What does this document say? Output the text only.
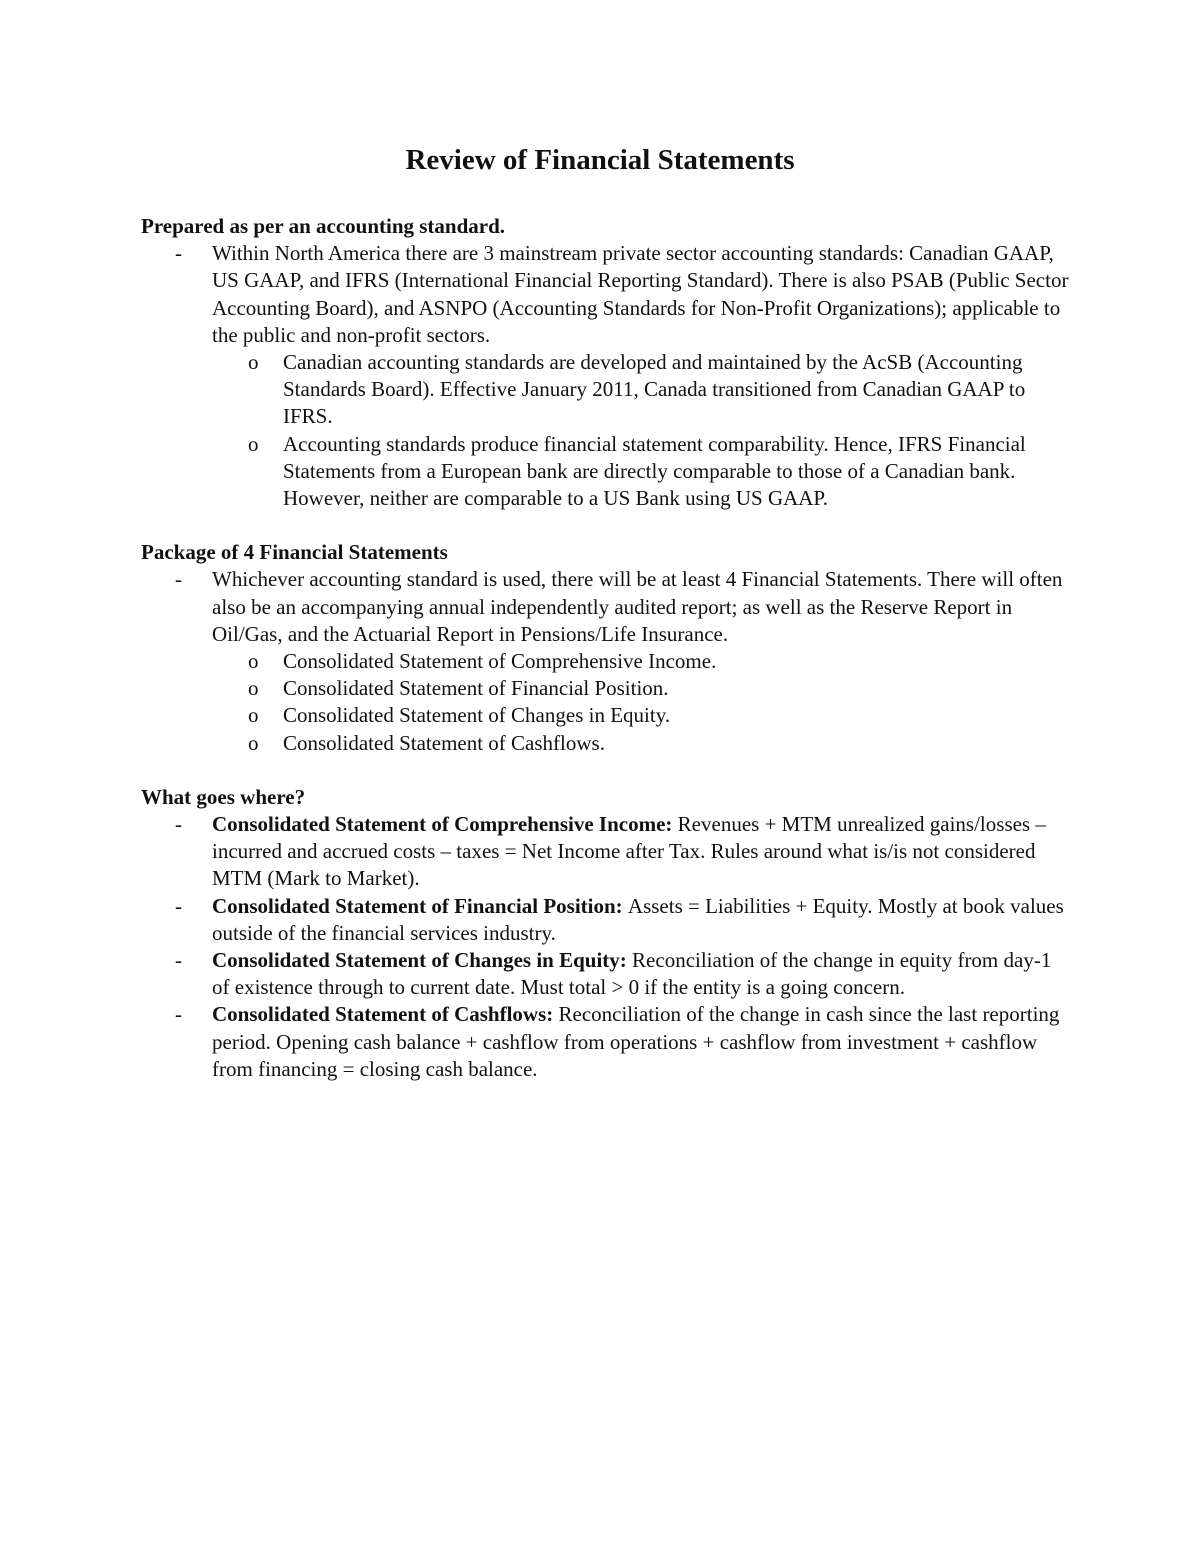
Review of Financial Statements

Prepared as per an accounting standard.

- Within North America there are 3 mainstream private sector accounting standards: Canadian GAAP, US GAAP, and IFRS (International Financial Reporting Standard). There is also PSAB (Public Sector Accounting Board), and ASNPO (Accounting Standards for Non-Profit Organizations); applicable to the public and non-profit sectors.
o Canadian accounting standards are developed and maintained by the AcSB (Accounting Standards Board). Effective January 2011, Canada transitioned from Canadian GAAP to IFRS.
o Accounting standards produce financial statement comparability. Hence, IFRS Financial Statements from a European bank are directly comparable to those of a Canadian bank. However, neither are comparable to a US Bank using US GAAP.

Package of 4 Financial Statements

- Whichever accounting standard is used, there will be at least 4 Financial Statements. There will often also be an accompanying annual independently audited report; as well as the Reserve Report in Oil/Gas, and the Actuarial Report in Pensions/Life Insurance.
o Consolidated Statement of Comprehensive Income.
o Consolidated Statement of Financial Position.
o Consolidated Statement of Changes in Equity.
o Consolidated Statement of Cashflows.

What goes where?

- Consolidated Statement of Comprehensive Income: Revenues + MTM unrealized gains/losses – incurred and accrued costs – taxes = Net Income after Tax. Rules around what is/is not considered MTM (Mark to Market).
- Consolidated Statement of Financial Position: Assets = Liabilities + Equity. Mostly at book values outside of the financial services industry.
- Consolidated Statement of Changes in Equity: Reconciliation of the change in equity from day-1 of existence through to current date. Must total > 0 if the entity is a going concern.
- Consolidated Statement of Cashflows: Reconciliation of the change in cash since the last reporting period. Opening cash balance + cashflow from operations + cashflow from investment + cashflow from financing = closing cash balance.
